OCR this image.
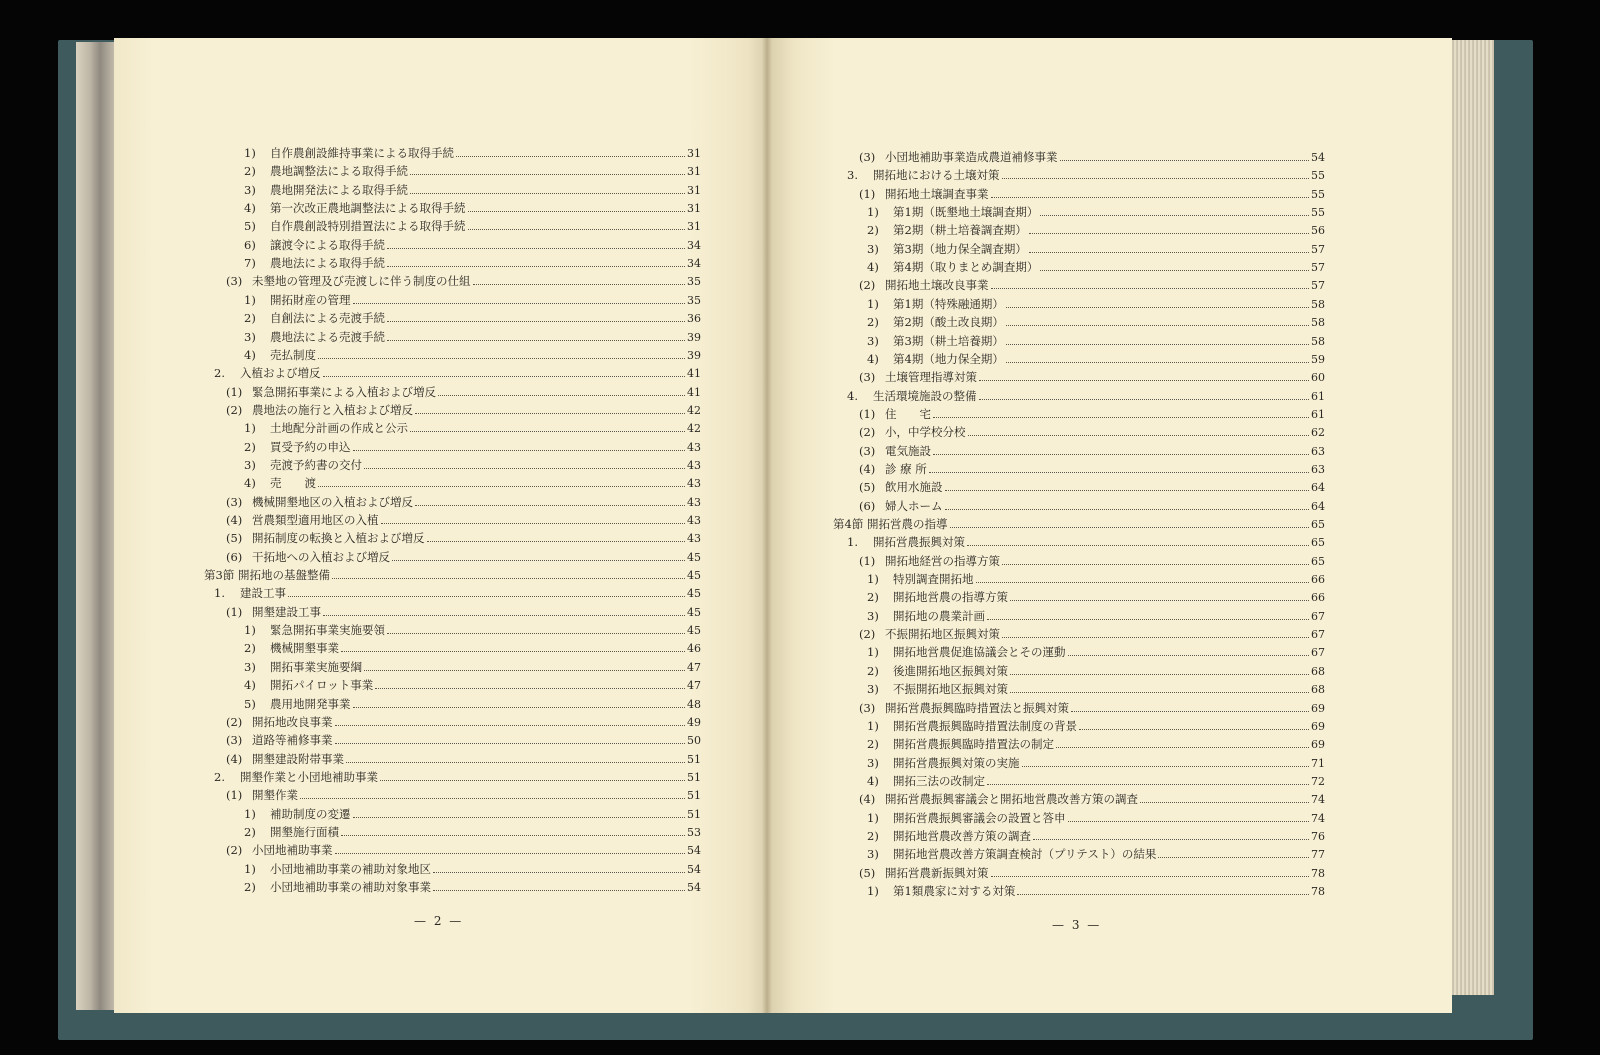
1)	自作農創設維持事業による取得手続	31
2)	農地調整法による取得手続	31
3)	農地開発法による取得手続	31
4)	第一次改正農地調整法による取得手続	31
5)	自作農創設特別措置法による取得手続	31
6)	譲渡令による取得手続	34
7)	農地法による取得手続	34
(3) 未墾地の管理及び売渡しに伴う制度の仕組	35
1)	開拓財産の管理	35
2)	自創法による売渡手続	36
3)	農地法による売渡手続	39
4)	売払制度	39
2.	入植および増反	41
(1) 緊急開拓事業による入植および増反	41
(2) 農地法の施行と入植および増反	42
1)	土地配分計画の作成と公示	42
2)	買受予約の申込	43
3)	売渡予約書の交付	43
4)	売　　渡	43
(3) 機械開墾地区の入植および増反	43
(4) 営農類型適用地区の入植	43
(5) 開拓制度の転換と入植および増反	43
(6) 干拓地への入植および増反	45
第3節 開拓地の基盤整備	45
1.	建設工事	45
(1) 開墾建設工事	45
1)	緊急開拓事業実施要領	45
2)	機械開墾事業	46
3)	開拓事業実施要綱	47
4)	開拓パイロット事業	47
5)	農用地開発事業	48
(2) 開拓地改良事業	49
(3) 道路等補修事業	50
(4) 開墾建設附帯事業	51
2.	開墾作業と小団地補助事業	51
(1) 開墾作業	51
1)	補助制度の変遷	51
2)	開墾施行面積	53
(2) 小団地補助事業	54
1)	小団地補助事業の補助対象地区	54
2)	小団地補助事業の補助対象事業	54
— 2 —
(3) 小団地補助事業造成農道補修事業	54
3.	開拓地における土壌対策	55
(1) 開拓地土壌調査事業	55
1)	第1期（既墾地土壌調査期）	55
2)	第2期（耕土培養調査期）	56
3)	第3期（地力保全調査期）	57
4)	第4期（取りまとめ調査期）	57
(2) 開拓地土壌改良事業	57
1)	第1期（特殊融通期）	58
2)	第2期（酸土改良期）	58
3)	第3期（耕土培養期）	58
4)	第4期（地力保全期）	59
(3) 土壌管理指導対策	60
4.	生活環境施設の整備	61
(1) 住　　宅	61
(2) 小，中学校分校	62
(3) 電気施設	63
(4) 診 療 所	63
(5) 飲用水施設	64
(6) 婦人ホーム	64
第4節 開拓営農の指導	65
1.	開拓営農振興対策	65
(1) 開拓地経営の指導方策	65
1)	特別調査開拓地	66
2)	開拓地営農の指導方策	66
3)	開拓地の農業計画	67
(2) 不振開拓地区振興対策	67
1)	開拓地営農促進協議会とその運動	67
2)	後進開拓地区振興対策	68
3)	不振開拓地区振興対策	68
(3) 開拓営農振興臨時措置法と振興対策	69
1)	開拓営農振興臨時措置法制度の背景	69
2)	開拓営農振興臨時措置法の制定	69
3)	開拓営農振興対策の実施	71
4)	開拓三法の改制定	72
(4) 開拓営農振興審議会と開拓地営農改善方策の調査	74
1)	開拓営農振興審議会の設置と答申	74
2)	開拓地営農改善方策の調査	76
3)	開拓地営農改善方策調査検討（プリテスト）の結果	77
(5) 開拓営農新振興対策	78
1)	第1類農家に対する対策	78
— 3 —
